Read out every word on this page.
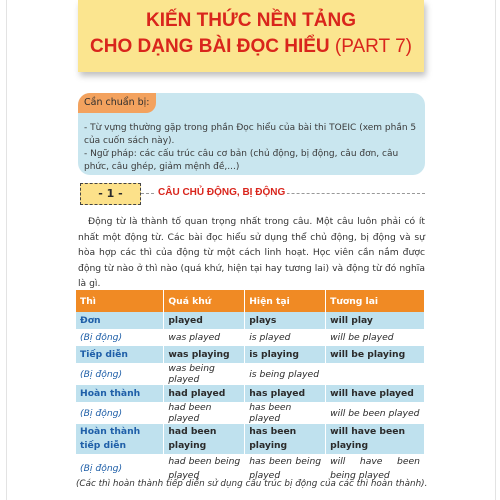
KIẾN THỨC NỀN TẢNG
CHO DẠNG BÀI ĐỌC HIỂU (PART 7)
Cần chuẩn bị:
- Từ vựng thường gặp trong phần Đọc hiểu của bài thi TOEIC (xem phần 5 của cuốn sách này).
- Ngữ pháp: các cấu trúc câu cơ bản (chủ động, bị động, câu đơn, câu phức, câu ghép, giảm mệnh đề,...)
- 1 -	CÂU CHỦ ĐỘNG, BỊ ĐỘNG
Động từ là thành tố quan trọng nhất trong câu. Một câu luôn phải có ít nhất một động từ. Các bài đọc hiểu sử dụng thể chủ động, bị động và sự hòa hợp các thì của động từ một cách linh hoạt. Học viên cần nắm được động từ nào ở thì nào (quá khứ, hiện tại hay tương lai) và động từ đó nghĩa là gì.
Thì	Quá khứ	Hiện tại	Tương lai
Đơn	played	plays	will play
(Bị động)	was played	is played	will be played
Tiếp diễn	was playing	is playing	will be playing
(Bị động)	was being played	is being played	
Hoàn thành	had played	has played	will have played
(Bị động)	had been played	has been played	will be been played
Hoàn thành tiếp diễn	had been playing	has been playing	will have been playing
(Bị động)	had been being played	has been being played	will have been being played
(Các thì hoàn thành tiếp diễn sử dụng cấu trúc bị động của các thì hoàn thành).
